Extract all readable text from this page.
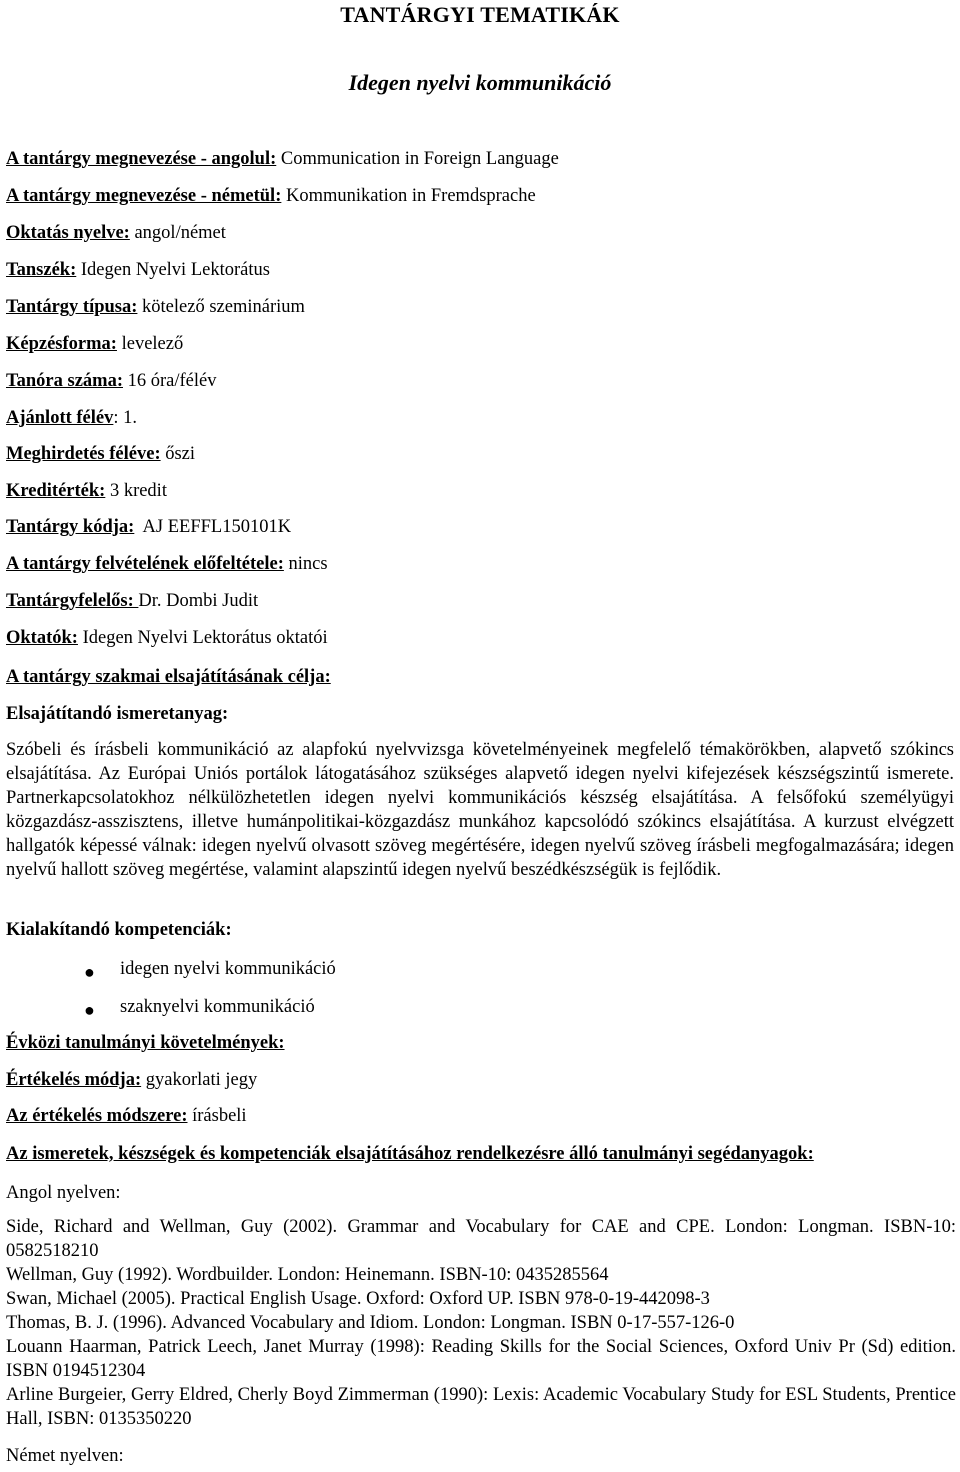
TANTÁRGYI TEMATIKÁK
Idegen nyelvi kommunikáció
A tantárgy megnevezése - angolul: Communication in Foreign Language
A tantárgy megnevezése - németül: Kommunikation in Fremdsprache
Oktatás nyelve: angol/német
Tanszék: Idegen Nyelvi Lektorátus
Tantárgy típusa: kötelező szeminárium
Képzésforma: levelező
Tanóra száma: 16 óra/félév
Ajánlott félév: 1.
Meghirdetés féléve: őszi
Kreditérték: 3 kredit
Tantárgy kódja:  AJ EEFFL150101K
A tantárgy felvételének előfeltétele: nincs
Tantárgyfelelős: Dr. Dombi Judit
Oktatók: Idegen Nyelvi Lektorátus oktatói
A tantárgy szakmai elsajátításának célja:
Elsajátítandó ismeretanyag:
Szóbeli és írásbeli kommunikáció az alapfokú nyelvvizsga követelményeinek megfelelő témakörökben, alapvető szókincs elsajátítása. Az Európai Uniós portálok látogatásához szükséges alapvető idegen nyelvi kifejezések készségszintű ismerete. Partnerkapcsolatokhoz nélkülözhetetlen idegen nyelvi kommunikációs készség elsajátítása. A felsőfokú személyügyi közgazdász-asszisztens, illetve humánpolitikai-közgazdász munkához kapcsolódó szókincs elsajátítása. A kurzust elvégzett hallgatók képessé válnak: idegen nyelvű olvasott szöveg megértésére, idegen nyelvű szöveg írásbeli megfogalmazására; idegen nyelvű hallott szöveg megértése, valamint alapszintű idegen nyelvű beszédkészségük is fejlődik.
Kialakítandó kompetenciák:
● idegen nyelvi kommunikáció
● szaknyelvi kommunikáció
Évközi tanulmányi követelmények:
Értékelés módja: gyakorlati jegy
Az értékelés módszere: írásbeli
Az ismeretek, készségek és kompetenciák elsajátításához rendelkezésre álló tanulmányi segédanyagok:
Angol nyelven:
Side, Richard and Wellman, Guy (2002). Grammar and Vocabulary for CAE and CPE. London: Longman. ISBN-10: 0582518210
Wellman, Guy (1992). Wordbuilder. London: Heinemann. ISBN-10: 0435285564
Swan, Michael (2005). Practical English Usage. Oxford: Oxford UP. ISBN 978-0-19-442098-3
Thomas, B. J. (1996). Advanced Vocabulary and Idiom. London: Longman. ISBN 0-17-557-126-0
Louann Haarman, Patrick Leech, Janet Murray (1998): Reading Skills for the Social Sciences, Oxford Univ Pr (Sd) edition. ISBN 0194512304
Arline Burgeier, Gerry Eldred, Cherly Boyd Zimmerman (1990): Lexis: Academic Vocabulary Study for ESL Students, Prentice Hall, ISBN: 0135350220
Német nyelven:
